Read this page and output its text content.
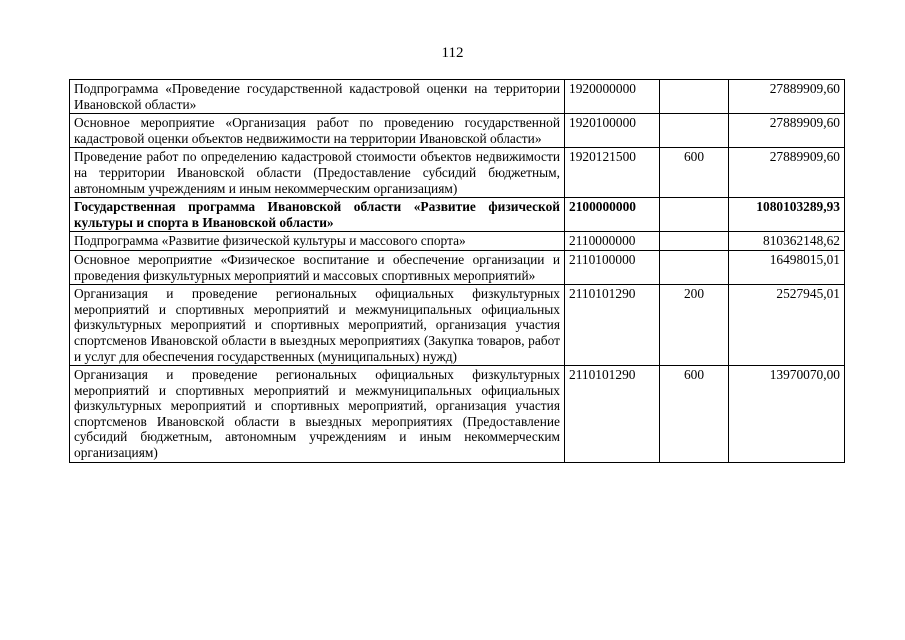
112
Подпрограмма «Проведение государственной кадастровой оценки на территории Ивановской области»	1920000000		27889909,60
Основное мероприятие «Организация работ по проведению государственной кадастровой оценки объектов недвижимости на территории Ивановской области»	1920100000		27889909,60
Проведение работ по определению кадастровой стоимости объектов недвижимости на территории Ивановской области (Предоставление субсидий бюджетным, автономным учреждениям и иным некоммерческим организациям)	1920121500	600	27889909,60
Государственная программа Ивановской области «Развитие физической культуры и спорта в Ивановской области»	2100000000		1080103289,93
Подпрограмма «Развитие физической культуры и массового спорта»	2110000000		810362148,62
Основное мероприятие «Физическое воспитание и обеспечение организации и проведения физкультурных мероприятий и массовых спортивных мероприятий»	2110100000		16498015,01
Организация и проведение региональных официальных физкультурных мероприятий и спортивных мероприятий и межмуниципальных официальных физкультурных мероприятий и спортивных мероприятий, организация участия спортсменов Ивановской области в выездных мероприятиях (Закупка товаров, работ и услуг для обеспечения государственных (муниципальных) нужд)	2110101290	200	2527945,01
Организация и проведение региональных официальных физкультурных мероприятий и спортивных мероприятий и межмуниципальных официальных физкультурных мероприятий и спортивных мероприятий, организация участия спортсменов Ивановской области в выездных мероприятиях (Предоставление субсидий бюджетным, автономным учреждениям и иным некоммерческим организациям)	2110101290	600	13970070,00
